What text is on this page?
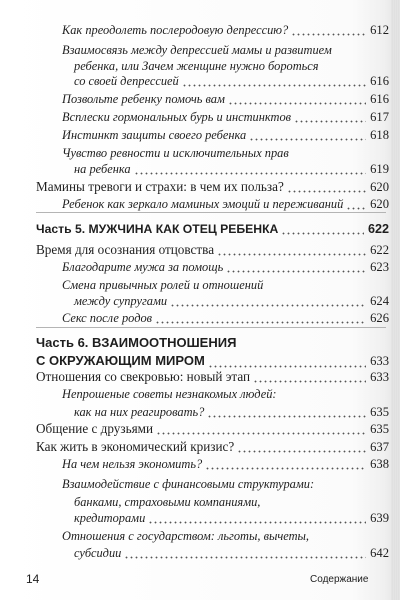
Как преодолеть послеродовую депрессию?	612
Взаимосвязь между депрессией мамы и развитием
ребенка, или Зачем женщине нужно бороться
со своей депрессией	616
Позвольте ребенку помочь вам	616
Всплески гормональных бурь и инстинктов	617
Инстинкт защиты своего ребенка	618
Чувство ревности и исключительных прав
на ребенка	619
Мамины тревоги и страхи: в чем их польза?	620
Ребенок как зеркало маминых эмоций и переживаний 620
Часть 5. МУЖЧИНА КАК ОТЕЦ РЕБЕНКА	622
Время для осознания отцовства	622
Благодарите мужа за помощь	623
Смена привычных ролей и отношений
между супругами	624
Секс после родов	626
Часть 6. ВЗАИМООТНОШЕНИЯ
С ОКРУЖАЮЩИМ МИРОМ	633
Отношения со свекровью: новый этап	633
Непрошеные советы незнакомых людей:
как на них реагировать?	635
Общение с друзьями	635
Как жить в экономический кризис?	637
На чем нельзя экономить?	638
Взаимодействие с финансовыми структурами:
банками, страховыми компаниями,
кредиторами	639
Отношения с государством: льготы, вычеты,
субсидии	642
14	Содержание
